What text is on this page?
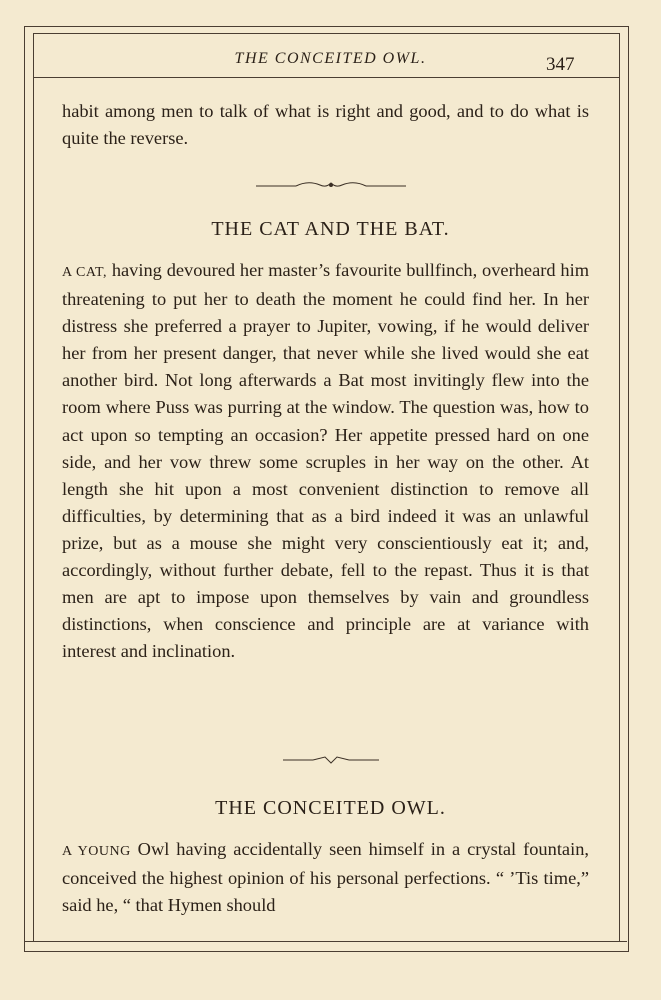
THE CONCEITED OWL.	347

habit among men to talk of what is right and good, and to do what is quite the reverse.

THE CAT AND THE BAT.

A CAT, having devoured her master’s favourite bullfinch, overheard him threatening to put her to death the moment he could find her. In her distress she preferred a prayer to Jupiter, vowing, if he would deliver her from her present danger, that never while she lived would she eat another bird. Not long afterwards a Bat most invitingly flew into the room where Puss was purring at the window. The question was, how to act upon so tempting an occasion? Her appetite pressed hard on one side, and her vow threw some scruples in her way on the other. At length she hit upon a most convenient distinction to remove all difficulties, by determining that as a bird indeed it was an unlawful prize, but as a mouse she might very conscientiously eat it; and, accordingly, without further debate, fell to the repast. Thus it is that men are apt to impose upon themselves by vain and groundless distinctions, when conscience and principle are at variance with interest and inclination.

THE CONCEITED OWL.

A YOUNG Owl having accidentally seen himself in a crystal fountain, conceived the highest opinion of his personal perfections. “ ’Tis time,” said he, “ that Hymen should
